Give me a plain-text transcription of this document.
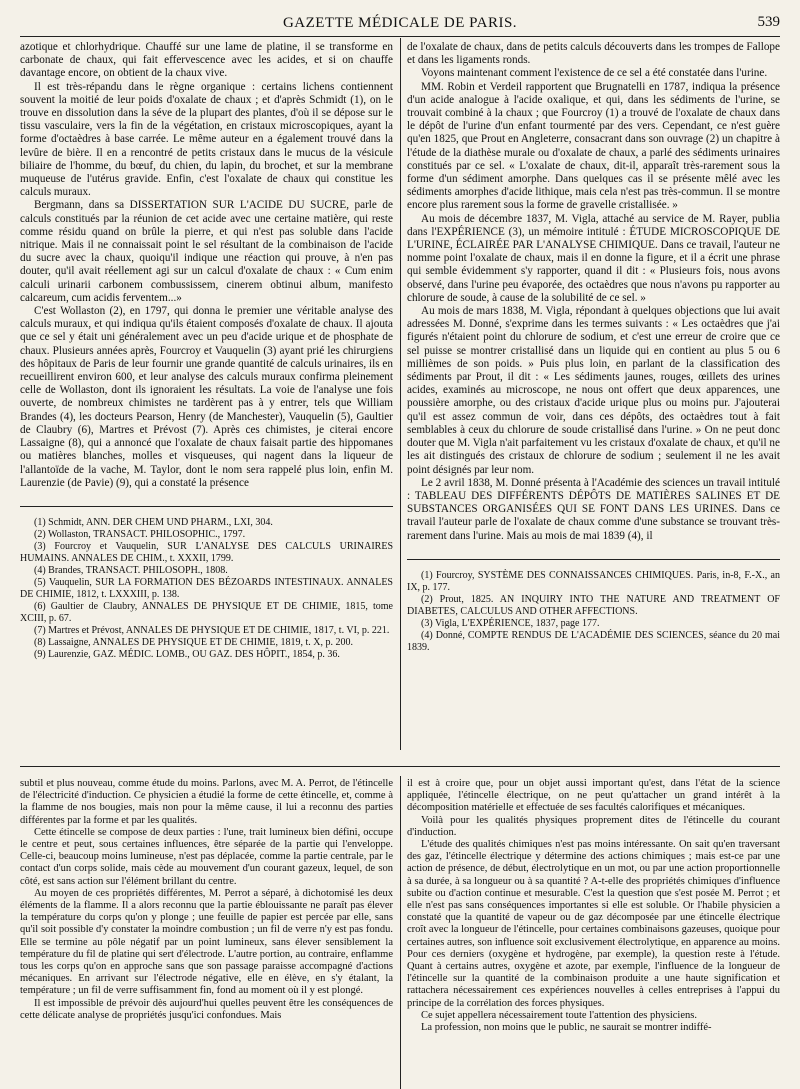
GAZETTE MÉDICALE DE PARIS.	539

azotique et chlorhydrique. Chauffé sur une lame de platine, il se transforme en carbonate de chaux, qui fait effervescence avec les acides, et si on chauffe davantage encore, on obtient de la chaux vive.

Il est très-répandu dans le règne organique : certains lichens contiennent souvent la moitié de leur poids d'oxalate de chaux ; et d'après Schmidt (1), on le trouve en dissolution dans la séve de la plupart des plantes, d'où il se dépose sur le tissu vasculaire, vers la fin de la végétation, en cristaux microscopiques, ayant la forme d'octaèdres à base carrée. Le même auteur en a également trouvé dans la levûre de bière. Il en a rencontré de petits cristaux dans le mucus de la vésicule biliaire de l'homme, du bœuf, du chien, du lapin, du brochet, et sur la membrane muqueuse de l'utérus gravide. Enfin, c'est l'oxalate de chaux qui constitue les calculs muraux.

Bergmann, dans sa DISSERTATION SUR L'ACIDE DU SUCRE, parle de calculs constitués par la réunion de cet acide avec une certaine matière, qui reste comme résidu quand on brûle la pierre, et qui n'est pas soluble dans l'acide nitrique. Mais il ne connaissait point le sel résultant de la combinaison de l'acide du sucre avec la chaux, quoiqu'il indique une réaction qui prouve, à n'en pas douter, qu'il avait réellement agi sur un calcul d'oxalate de chaux : « Cum enim calculi urinarii carbonem combussissem, cinerem obtinui album, manifesto calcareum, cum acidis ferventem...»

C'est Wollaston (2), en 1797, qui donna le premier une véritable analyse des calculs muraux, et qui indiqua qu'ils étaient composés d'oxalate de chaux. Il ajouta que ce sel y était uni généralement avec un peu d'acide urique et de phosphate de chaux. Plusieurs années après, Fourcroy et Vauquelin (3) ayant prié les chirurgiens des hôpitaux de Paris de leur fournir une grande quantité de calculs urinaires, ils en recueillirent environ 600, et leur analyse des calculs muraux confirma pleinement celle de Wollaston, dont ils ignoraient les résultats. La voie de l'analyse une fois ouverte, de nombreux chimistes ne tardèrent pas à y entrer, tels que William Brandes (4), les docteurs Pearson, Henry (de Manchester), Vauquelin (5), Gaultier de Claubry (6), Martres et Prévost (7). Après ces chimistes, je citerai encore Lassaigne (8), qui a annoncé que l'oxalate de chaux faisait partie des hippomanes ou matières blanches, molles et visqueuses, qui nagent dans la liqueur de l'allantoïde de la vache, M. Taylor, dont le nom sera rappelé plus loin, enfin M. Laurenzie (de Pavie) (9), qui a constaté la présence

(1) Schmidt, ANN. DER CHEM UND PHARM., LXI, 304.
(2) Wollaston, TRANSACT. PHILOSOPHIC., 1797.
(3) Fourcroy et Vauquelin, SUR L'ANALYSE DES CALCULS URINAIRES HUMAINS. ANNALES DE CHIM., t. XXXII, 1799.
(4) Brandes, TRANSACT. PHILOSOPH., 1808.
(5) Vauquelin, SUR LA FORMATION DES BÉZOARDS INTESTINAUX. ANNALES DE CHIMIE, 1812, t. LXXXIII, p. 138.
(6) Gaultier de Claubry, ANNALES DE PHYSIQUE ET DE CHIMIE, 1815, tome XCIII, p. 67.
(7) Martres et Prévost, ANNALES DE PHYSIQUE ET DE CHIMIE, 1817, t. VI, p. 221.
(8) Lassaigne, ANNALES DE PHYSIQUE ET DE CHIMIE, 1819, t. X, p. 200.
(9) Laurenzie, GAZ. MÉDIC. LOMB., OU GAZ. DES HÔPIT., 1854, p. 36.

de l'oxalate de chaux, dans de petits calculs découverts dans les trompes de Fallope et dans les ligaments ronds.

Voyons maintenant comment l'existence de ce sel a été constatée dans l'urine.

MM. Robin et Verdeil rapportent que Brugnatelli en 1787, indiqua la présence d'un acide analogue à l'acide oxalique, et qui, dans les sédiments de l'urine, se trouvait combiné à la chaux ; que Fourcroy (1) a trouvé de l'oxalate de chaux dans le dépôt de l'urine d'un enfant tourmenté par des vers. Cependant, ce n'est guère qu'en 1825, que Prout en Angleterre, consacrant dans son ouvrage (2) un chapitre à l'étude de la diathèse murale ou d'oxalate de chaux, a parlé des sédiments urinaires constitués par ce sel. « L'oxalate de chaux, dit-il, apparaît très-rarement sous la forme d'un sédiment amorphe. Dans quelques cas il se présente mêlé avec les sédiments amorphes d'acide lithique, mais cela n'est pas très-commun. Il se montre encore plus rarement sous la forme de gravelle cristallisée. »

Au mois de décembre 1837, M. Vigla, attaché au service de M. Rayer, publia dans l'EXPÉRIENCE (3), un mémoire intitulé : ÉTUDE MICROSCOPIQUE DE L'URINE, ÉCLAIRÉE PAR L'ANALYSE CHIMIQUE. Dans ce travail, l'auteur ne nomme point l'oxalate de chaux, mais il en donne la figure, et il a écrit une phrase qui semble évidemment s'y rapporter, quand il dit : « Plusieurs fois, nous avons observé, dans l'urine peu évaporée, des octaèdres que nous n'avons pu rapporter au chlorure de soude, à cause de la solubilité de ce sel. »

Au mois de mars 1838, M. Vigla, répondant à quelques objections que lui avait adressées M. Donné, s'exprime dans les termes suivants : « Les octaèdres que j'ai figurés n'étaient point du chlorure de sodium, et c'est une erreur de croire que ce sel puisse se montrer cristallisé dans un liquide qui en contient au plus 5 ou 6 millièmes de son poids. » Puis plus loin, en parlant de la classification des sédiments par Prout, il dit : « Les sédiments jaunes, rouges, œillets des urines acides, examinés au microscope, ne nous ont offert que deux apparences, une poussière amorphe, ou des cristaux d'acide urique plus ou moins pur. J'ajouterai qu'il est assez commun de voir, dans ces dépôts, des octaèdres tout à fait semblables à ceux du chlorure de soude cristallisé dans l'urine. » On ne peut donc douter que M. Vigla n'ait parfaitement vu les cristaux d'oxalate de chaux, et qu'il ne les ait distingués des cristaux de chlorure de sodium ; seulement il ne les avait point désignés par leur nom.

Le 2 avril 1838, M. Donné présenta à l'Académie des sciences un travail intitulé : TABLEAU DES DIFFÉRENTS DÉPÔTS DE MATIÈRES SALINES ET DE SUBSTANCES ORGANISÉES QUI SE FONT DANS LES URINES. Dans ce travail l'auteur parle de l'oxalate de chaux comme d'une substance se trouvant très-rarement dans l'urine. Mais au mois de mai 1839 (4), il

(1) Fourcroy, SYSTÈME DES CONNAISSANCES CHIMIQUES. Paris, in-8, F.-X., an IX, p. 177.
(2) Prout, 1825. AN INQUIRY INTO THE NATURE AND TREATMENT OF DIABETES, CALCULUS AND OTHER AFFECTIONS.
(3) Vigla, L'EXPÉRIENCE, 1837, page 177.
(4) Donné, COMPTE RENDUS DE L'ACADÉMIE DES SCIENCES, séance du 20 mai 1839.

subtil et plus nouveau, comme étude du moins. Parlons, avec M. A. Perrot, de l'étincelle de l'électricité d'induction. Ce physicien a étudié la forme de cette étincelle, et, comme à la flamme de nos bougies, mais non pour la même cause, il lui a reconnu des parties différentes par la forme et par les qualités.

Cette étincelle se compose de deux parties : l'une, trait lumineux bien défini, occupe le centre et peut, sous certaines influences, être séparée de la partie qui l'enveloppe. Celle-ci, beaucoup moins lumineuse, n'est pas déplacée, comme la partie centrale, par le contact d'un corps solide, mais cède au mouvement d'un courant gazeux, lequel, de son côté, est sans action sur l'élément brillant du centre.

Au moyen de ces propriétés différentes, M. Perrot a séparé, à dichotomisé les deux éléments de la flamme. Il a alors reconnu que la partie éblouissante ne paraît pas élever la température du corps qu'on y plonge ; une feuille de papier est percée par elle, sans qu'il soit possible d'y constater la moindre combustion ; un fil de verre n'y est pas fondu. Elle se termine au pôle négatif par un point lumineux, sans élever sensiblement la température du fil de platine qui sert d'électrode. L'autre portion, au contraire, enflamme tous les corps qu'on en approche sans que son passage paraisse accompagné d'actions mécaniques. En arrivant sur l'électrode négative, elle en élève, en s'y étalant, la température ; un fil de verre suffisamment fin, fond au moment où il y est plongé.

Il est impossible de prévoir dès aujourd'hui quelles peuvent être les conséquences de cette délicate analyse de propriétés jusqu'ici confondues. Mais

il est à croire que, pour un objet aussi important qu'est, dans l'état de la science appliquée, l'étincelle électrique, on ne peut qu'attacher un grand intérêt à la décomposition matérielle et effectuée de ses facultés calorifiques et mécaniques.

Voilà pour les qualités physiques proprement dites de l'étincelle du courant d'induction.

L'étude des qualités chimiques n'est pas moins intéressante. On sait qu'en traversant des gaz, l'étincelle électrique y détermine des actions chimiques ; mais est-ce par une action de présence, de début, électrolytique en un mot, ou par une action proportionnelle à sa durée, à sa longueur ou à sa quantité ? A-t-elle des propriétés chimiques d'influence subite ou d'action continue et mesurable. C'est la question que s'est posée M. Perrot ; et elle n'est pas sans conséquences importantes si elle est soluble. Or l'habile physicien a constaté que la quantité de vapeur ou de gaz décomposée par une étincelle électrique croît avec la longueur de l'étincelle, pour certaines combinaisons gazeuses, quoique pour certaines autres, son influence soit exclusivement électrolytique, en apparence au moins. Pour ces derniers (oxygène et hydrogène, par exemple), la question reste à l'étude. Quant à certains autres, oxygène et azote, par exemple, l'influence de la longueur de l'étincelle sur la quantité de la combinaison produite a une haute signification et rattachera nécessairement ces expériences nouvelles à celles entreprises à l'appui du principe de la corrélation des forces physiques.

Ce sujet appellera nécessairement toute l'attention des physiciens.

La profession, non moins que le public, ne saurait se montrer indiffé-
